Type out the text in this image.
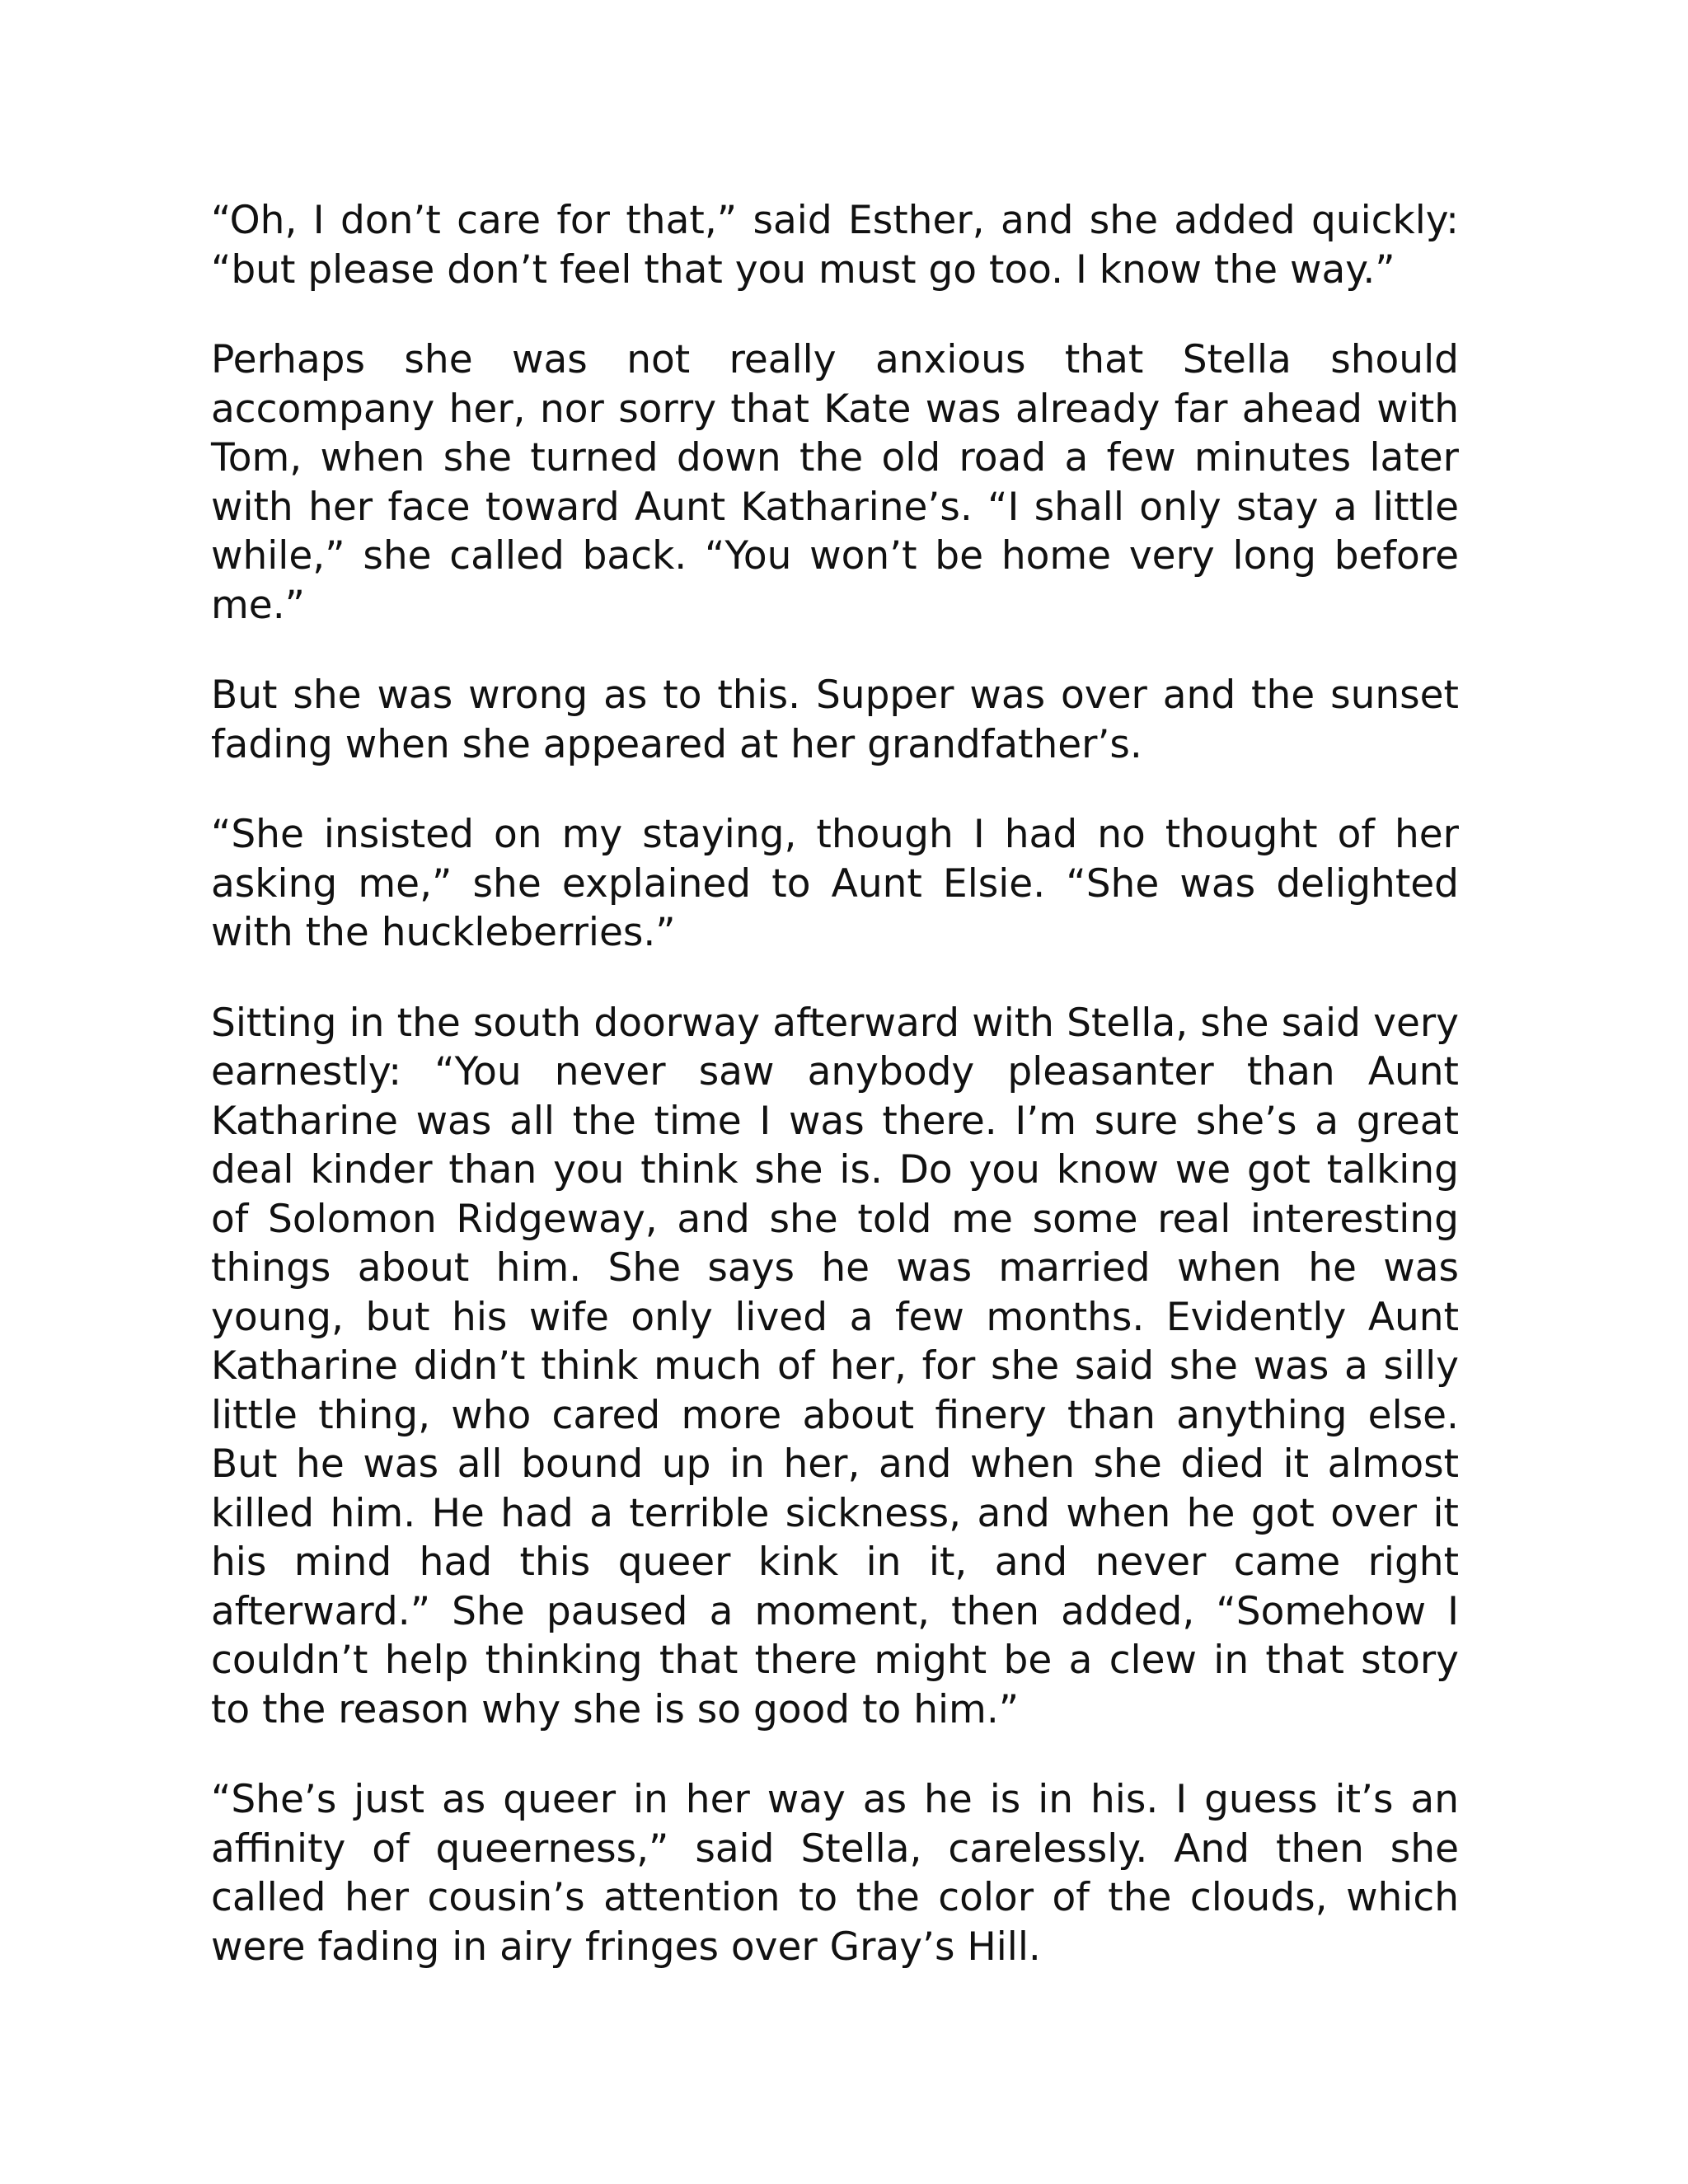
“Oh, I don’t care for that,” said Esther, and she added quickly: “but please don’t feel that you must go too. I know the way.”

Perhaps she was not really anxious that Stella should accompany her, nor sorry that Kate was already far ahead with Tom, when she turned down the old road a few minutes later with her face toward Aunt Katharine’s. “I shall only stay a little while,” she called back. “You won’t be home very long before me.”

But she was wrong as to this. Supper was over and the sunset fading when she appeared at her grandfather’s.

“She insisted on my staying, though I had no thought of her asking me,” she explained to Aunt Elsie. “She was delighted with the huckleberries.”

Sitting in the south doorway afterward with Stella, she said very earnestly: “You never saw anybody pleasanter than Aunt Katharine was all the time I was there. I’m sure she’s a great deal kinder than you think she is. Do you know we got talking of Solomon Ridgeway, and she told me some real interesting things about him. She says he was married when he was young, but his wife only lived a few months. Evidently Aunt Katharine didn’t think much of her, for she said she was a silly little thing, who cared more about finery than anything else. But he was all bound up in her, and when she died it almost killed him. He had a terrible sickness, and when he got over it his mind had this queer kink in it, and never came right afterward.” She paused a moment, then added, “Somehow I couldn’t help thinking that there might be a clew in that story to the reason why she is so good to him.”

“She’s just as queer in her way as he is in his. I guess it’s an affinity of queerness,” said Stella, carelessly. And then she called her cousin’s attention to the color of the clouds, which were fading in airy fringes over Gray’s Hill.
